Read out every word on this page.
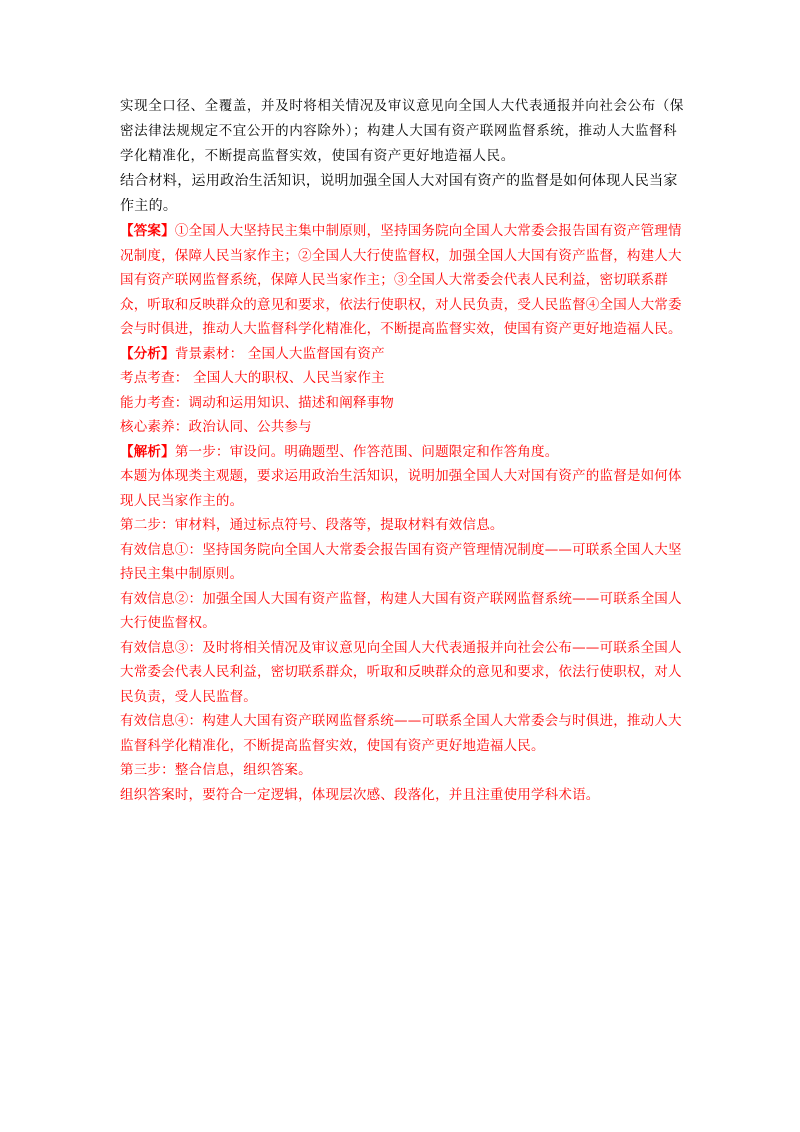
实现全口径、全覆盖，并及时将相关情况及审议意见向全国人大代表通报并向社会公布（保密法律法规规定不宜公开的内容除外）；构建人大国有资产联网监督系统，推动人大监督科学化精准化，不断提高监督实效，使国有资产更好地造福人民。

结合材料，运用政治生活知识，说明加强全国人大对国有资产的监督是如何体现人民当家作主的。

【答案】①全国人大坚持民主集中制原则，坚持国务院向全国人大常委会报告国有资产管理情况制度，保障人民当家作主；②全国人大行使监督权，加强全国人大国有资产监督，构建人大国有资产联网监督系统，保障人民当家作主；③全国人大常委会代表人民利益，密切联系群众，听取和反映群众的意见和要求，依法行使职权，对人民负责，受人民监督④全国人大常委会与时俱进，推动人大监督科学化精准化，不断提高监督实效，使国有资产更好地造福人民。

【分析】背景素材： 全国人大监督国有资产

考点考查： 全国人大的职权、人民当家作主

能力考查：调动和运用知识、描述和阐释事物

核心素养：政治认同、公共参与

【解析】第一步：审设问。明确题型、作答范围、问题限定和作答角度。

本题为体现类主观题，要求运用政治生活知识，说明加强全国人大对国有资产的监督是如何体现人民当家作主的。

第二步：审材料，通过标点符号、段落等，提取材料有效信息。

有效信息①：坚持国务院向全国人大常委会报告国有资产管理情况制度——可联系全国人大坚持民主集中制原则。

有效信息②：加强全国人大国有资产监督，构建人大国有资产联网监督系统——可联系全国人大行使监督权。

有效信息③：及时将相关情况及审议意见向全国人大代表通报并向社会公布——可联系全国人大常委会代表人民利益，密切联系群众，听取和反映群众的意见和要求，依法行使职权，对人民负责，受人民监督。

有效信息④：构建人大国有资产联网监督系统——可联系全国人大常委会与时俱进，推动人大监督科学化精准化，不断提高监督实效，使国有资产更好地造福人民。

第三步：整合信息，组织答案。

组织答案时，要符合一定逻辑，体现层次感、段落化，并且注重使用学科术语。
